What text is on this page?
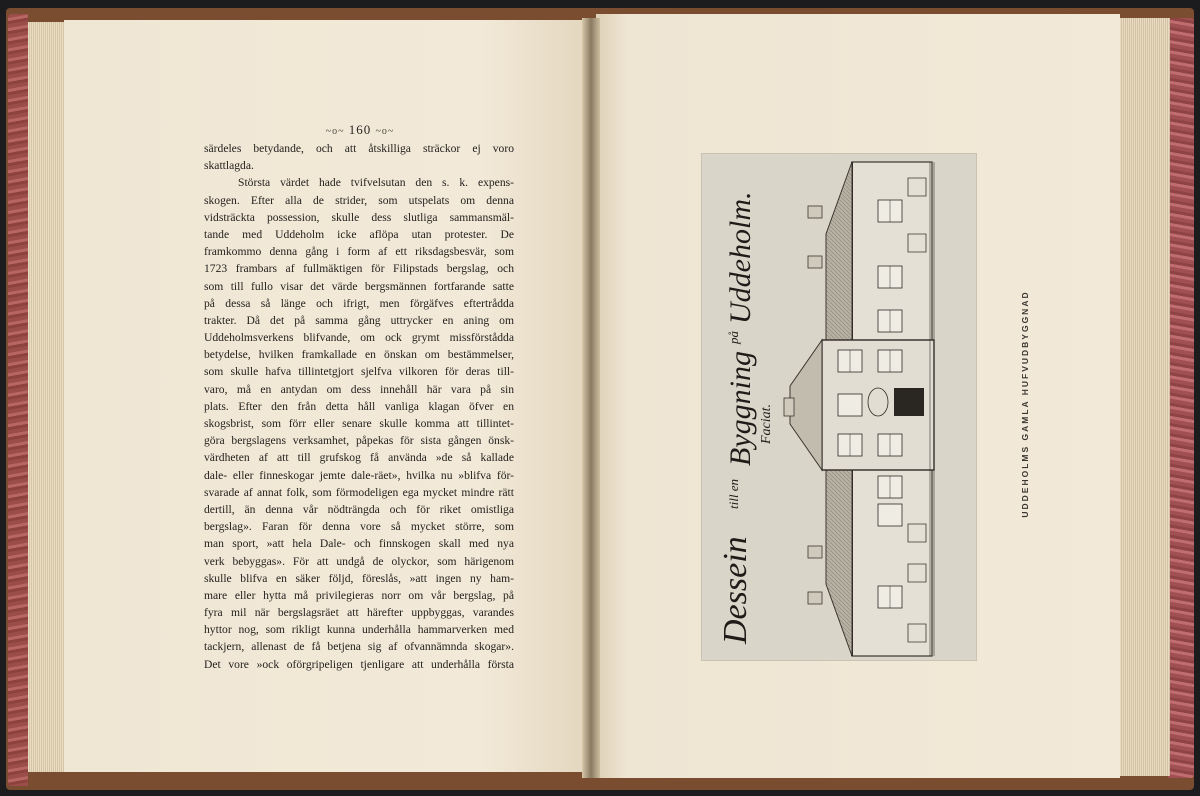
~o~ 160 ~o~
särdeles betydande, och att åtskilliga sträckor ej voro
skattlagda.
Största värdet hade tvifvelsutan den s. k. expens-
skogen. Efter alla de strider, som utspelats om denna
vidsträckta possession, skulle dess slutliga sammansmäl-
tande med Uddeholm icke aflöpa utan protester. De
framkommo denna gång i form af ett riksdagsbesvär, som
1723 frambars af fullmäktigen för Filipstads bergslag, och
som till fullo visar det värde bergsmännen fortfarande satte
på dessa så länge och ifrigt, men förgäfves eftertrådda
trakter. Då det på samma gång uttrycker en aning om
Uddeholmsverkens blifvande, om ock grymt missförstådda
betydelse, hvilken framkallade en önskan om bestämmelser,
som skulle hafva tillintetgjort sjelfva vilkoren för deras till-
varo, må en antydan om dess innehåll här vara på sin
plats. Efter den från detta håll vanliga klagan öfver en
skogsbrist, som förr eller senare skulle komma att tillintet-
göra bergslagens verksamhet, påpekas för sista gången önsk-
värdheten af att till grufskog få använda »de så kallade
dale- eller finneskogar jemte dale-räet», hvilka nu »blifva för-
svarade af annat folk, som förmodeligen ega mycket mindre rätt
dertill, än denna vår nödträngda och för riket omistliga
bergslag». Faran för denna vore så mycket större, som
man sport, »att hela Dale- och finnskogen skall med nya
verk bebyggas». För att undgå de olyckor, som härigenom
skulle blifva en säker följd, föreslås, »att ingen ny ham-
mare eller hytta må privilegieras norr om vår bergslag, på
fyra mil när bergslagsräet att härefter uppbyggas, varandes
hyttor nog, som rikligt kunna underhålla hammarverken med
tackjern, allenast de få betjena sig af ofvannämnda skogar».
Det vore »ock oförgripeligen tjenligare att underhålla första
Dessein
till en
Byggning
på
Uddeholm.
Faciat.	UDDEHOLMS GAMLA HUFVUDBYGGNAD
